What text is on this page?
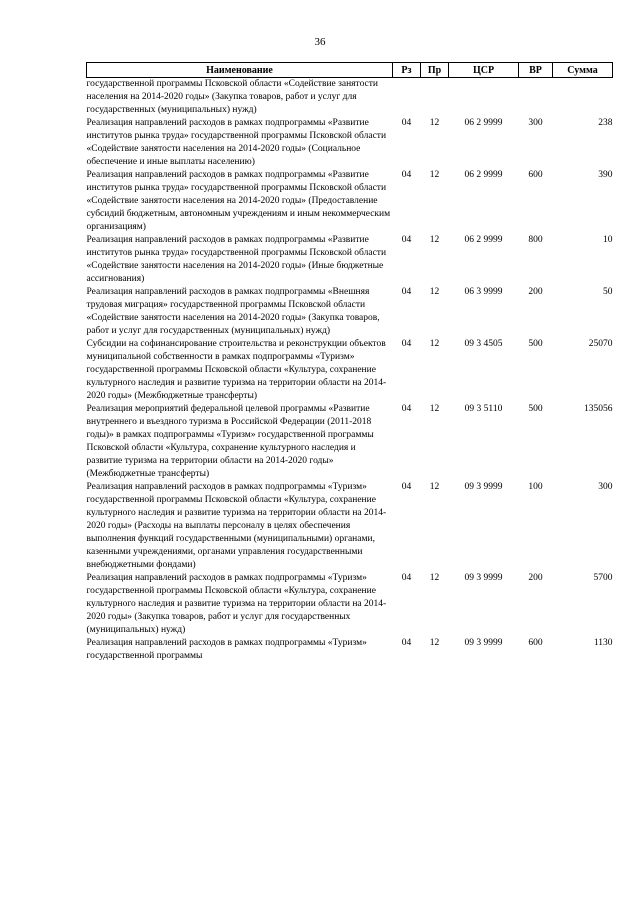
36
Наименование	Рз	Пр	ЦСР	ВР	Сумма
государственной программы Псковской области «Содействие занятости населения на 2014-2020 годы» (Закупка товаров, работ и услуг для государственных (муниципальных) нужд)					
Реализация направлений расходов в рамках подпрограммы «Развитие институтов рынка труда» государственной программы Псковской области «Содействие занятости населения на 2014-2020 годы» (Социальное обеспечение и иные выплаты населению)	04	12	06 2 9999	300	238
Реализация направлений расходов в рамках подпрограммы «Развитие институтов рынка труда» государственной программы Псковской области «Содействие занятости населения на 2014-2020 годы» (Предоставление субсидий бюджетным, автономным учреждениям и иным некоммерческим организациям)	04	12	06 2 9999	600	390
Реализация направлений расходов в рамках подпрограммы «Развитие институтов рынка труда» государственной программы Псковской области «Содействие занятости населения на 2014-2020 годы» (Иные бюджетные ассигнования)	04	12	06 2 9999	800	10
Реализация направлений расходов в рамках подпрограммы «Внешняя трудовая миграция» государственной программы Псковской области «Содействие занятости населения на 2014-2020 годы» (Закупка товаров, работ и услуг для государственных (муниципальных) нужд)	04	12	06 3 9999	200	50
Субсидии на софинансирование строительства и реконструкции объектов муниципальной собственности в рамках подпрограммы «Туризм» государственной программы Псковской области «Культура, сохранение культурного наследия и развитие туризма на территории области на 2014-2020 годы» (Межбюджетные трансферты)	04	12	09 3 4505	500	25070
Реализация мероприятий федеральной целевой программы «Развитие внутреннего и въездного туризма в Российской Федерации (2011-2018 годы)» в рамках подпрограммы «Туризм» государственной программы Псковской области «Культура, сохранение культурного наследия и развитие туризма на территории области на 2014-2020 годы» (Межбюджетные трансферты)	04	12	09 3 5110	500	135056
Реализация направлений расходов в рамках подпрограммы «Туризм» государственной программы Псковской области «Культура, сохранение культурного наследия и развитие туризма на территории области на 2014-2020 годы» (Расходы на выплаты персоналу в целях обеспечения выполнения функций государственными (муниципальными) органами, казенными учреждениями, органами управления государственными внебюджетными фондами)	04	12	09 3 9999	100	300
Реализация направлений расходов в рамках подпрограммы «Туризм» государственной программы Псковской области «Культура, сохранение культурного наследия и развитие туризма на территории области на 2014-2020 годы» (Закупка товаров, работ и услуг для государственных (муниципальных) нужд)	04	12	09 3 9999	200	5700
Реализация направлений расходов в рамках подпрограммы «Туризм» государственной программы	04	12	09 3 9999	600	1130
